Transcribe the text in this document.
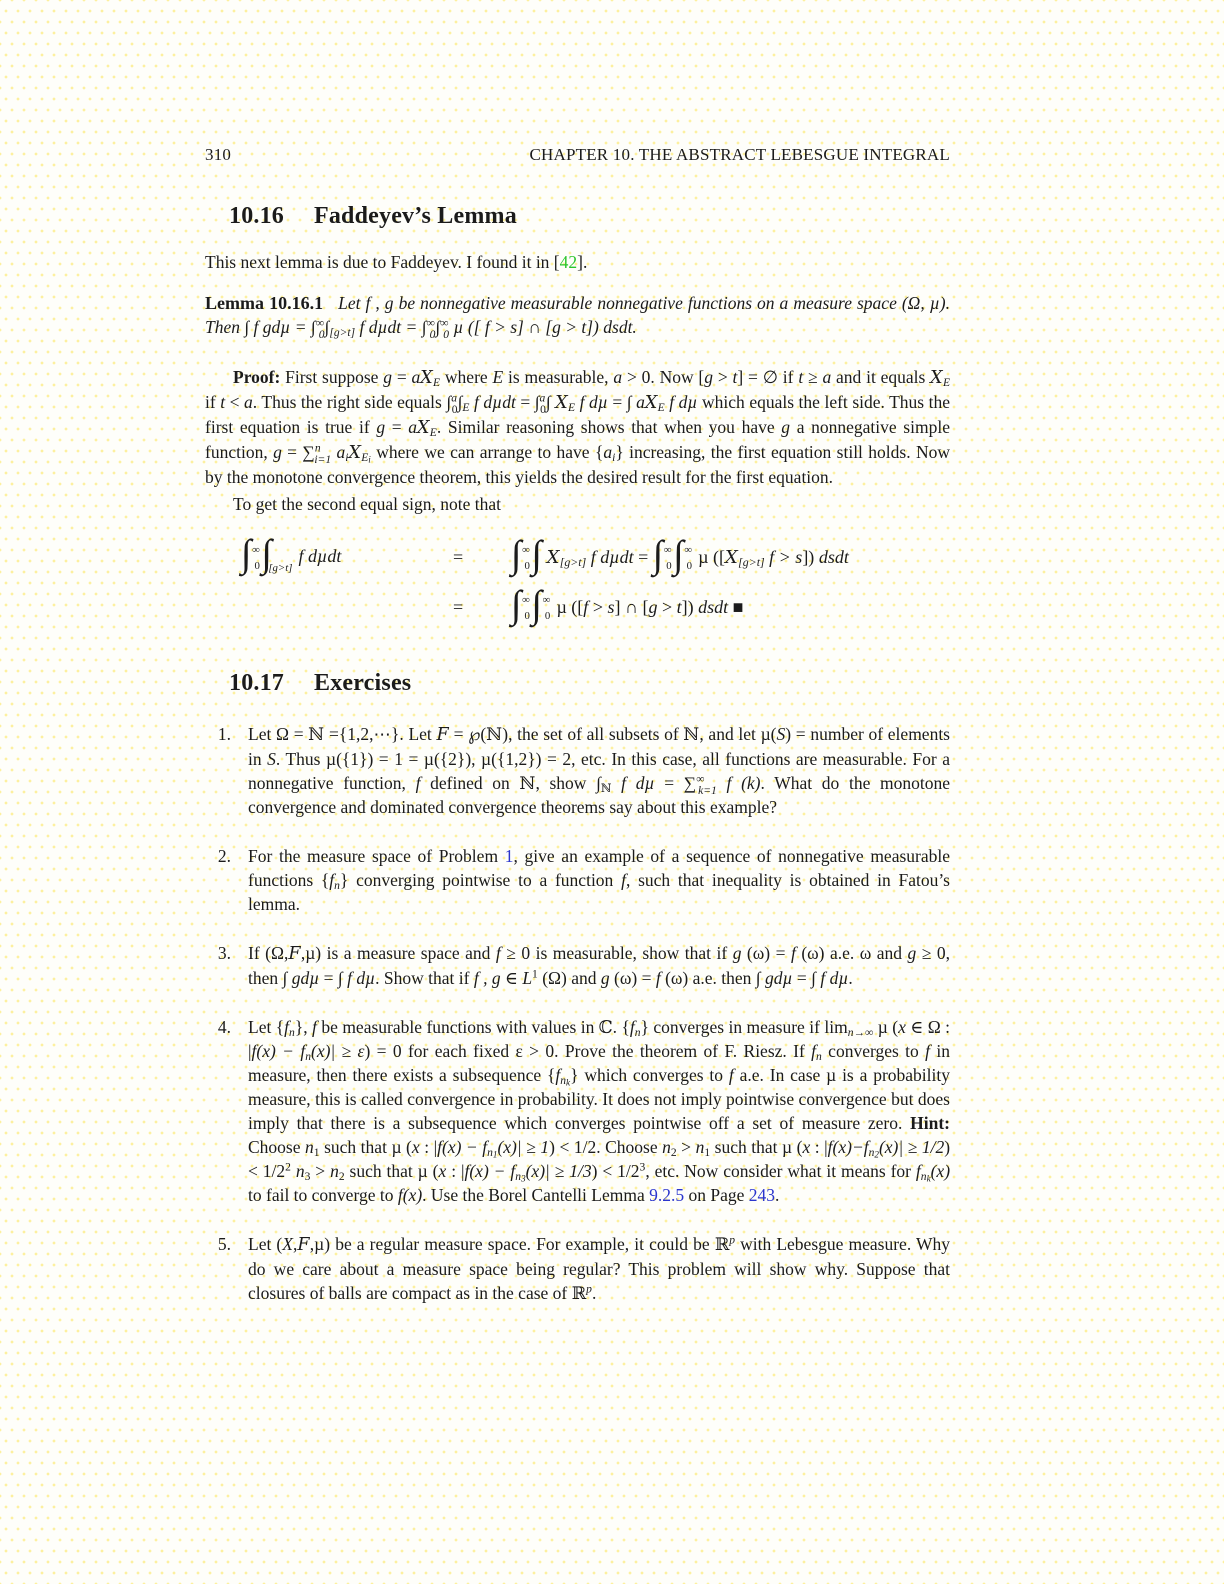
310	CHAPTER 10. THE ABSTRACT LEBESGUE INTEGRAL
10.16 Faddeyev’s Lemma

This next lemma is due to Faddeyev. I found it in [42].

Lemma 10.16.1 Let f , g be nonnegative measurable nonnegative functions on a measure space (Ω, µ). Then ∫ f $gd\mu = \int^\infty_0\int[g>t]$ f $d\mu dt = \int^\infty_0\int^\infty_0$ µ ([ f > s] ∩ [g > t]) dsdt.

Proof: First suppose g = aXE where E is measurable, a > 0. Now [g > t] = ∅ if t ≥ a and it equals XE if t < a. Thus the right side equals ∫$^a_0$∫E f dµdt = ∫$^a_0$∫ XE f dµ = ∫ aXE f dµ which equals the left side. Thus the first equation is true if g = aXE. Similar reasoning shows that when you have g a nonnegative simple function, g = ∑$^n_{i=1}$ aiXE$_i$ where we can arrange to have {ai} increasing, the first equation still holds. Now by the monotone convergence theorem, this yields the desired result for the first equation.

To get the second equal sign, note that

$\int^\infty_0\int_{[g>t]}$ f dµdt	=	$\int^\infty_0\int$ X[g>t] f $d\mu dt = \int^\infty_0\int^\infty_0$ µ ([X[g>t] f > s]) dsdt
=	$\int^\infty_0\int^\infty_0$ µ ([f > s] ∩ [g > t]) dsdt ■
10.17 Exercises
1. Let Ω = ℕ ={1,2,⋯}. Let F = ℘(ℕ), the set of all subsets of ℕ, and let µ(S) = number of elements in S. Thus µ({1}) = 1 = µ({2}), µ({1,2}) = 2, etc. In this case, all functions are measurable. For a nonnegative function, f defined on ℕ, show ∫ℕ f $d\mu = \sum^\infty_{k=1}$ f (k). What do the monotone convergence and dominated convergence theorems say about this example?
2. For the measure space of Problem 1, give an example of a sequence of nonnegative measurable functions {fn} converging pointwise to a function f, such that inequality is obtained in Fatou’s lemma.
3. If (Ω,F,µ) is a measure space and f ≥ 0 is measurable, show that if g (ω) = f (ω) a.e. ω and g ≥ 0, then ∫ gdµ = ∫ f dµ. Show that if f , g ∈ $L^1$ (Ω) and g (ω) = f (ω) a.e. then ∫ gdµ = ∫ f dµ.
4. Let {fn}, f be measurable functions with values in ℂ. {fn} converges in measure if limn→∞ µ (x ∈ Ω : |f(x) − fn(x)| ≥ ε) = 0 for each fixed ε > 0. Prove the theorem of F. Riesz. If fn converges to f in measure, then there exists a subsequence $\{fn_k\}$ which converges to f a.e. In case µ is a probability measure, this is called convergence in probability. It does not imply pointwise convergence but does imply that there is a subsequence which converges pointwise off a set of measure zero. Hint: Choose n1 such that µ (x : $|f(x) - fn_1(x)| \ge 1) < 1/2$. Choose n2 > n1 such that µ (x : $|f(x)-fn_2(x)| \ge 1/2) < 1/2^2$ n3 > n2 such that µ (x : $|f(x) - fn_3(x)| \ge 1/3) < 1/2^3$, etc. Now consider what it means for $fn_k(x)$ to fail to converge to f(x). Use the Borel Cantelli Lemma 9.2.5 on Page 243.
5. Let (X,F,µ) be a regular measure space. For example, it could be ℝ$^p$ with Lebesgue measure. Why do we care about a measure space being regular? This problem will show why. Suppose that closures of balls are compact as in the case of ℝ$^p$.
